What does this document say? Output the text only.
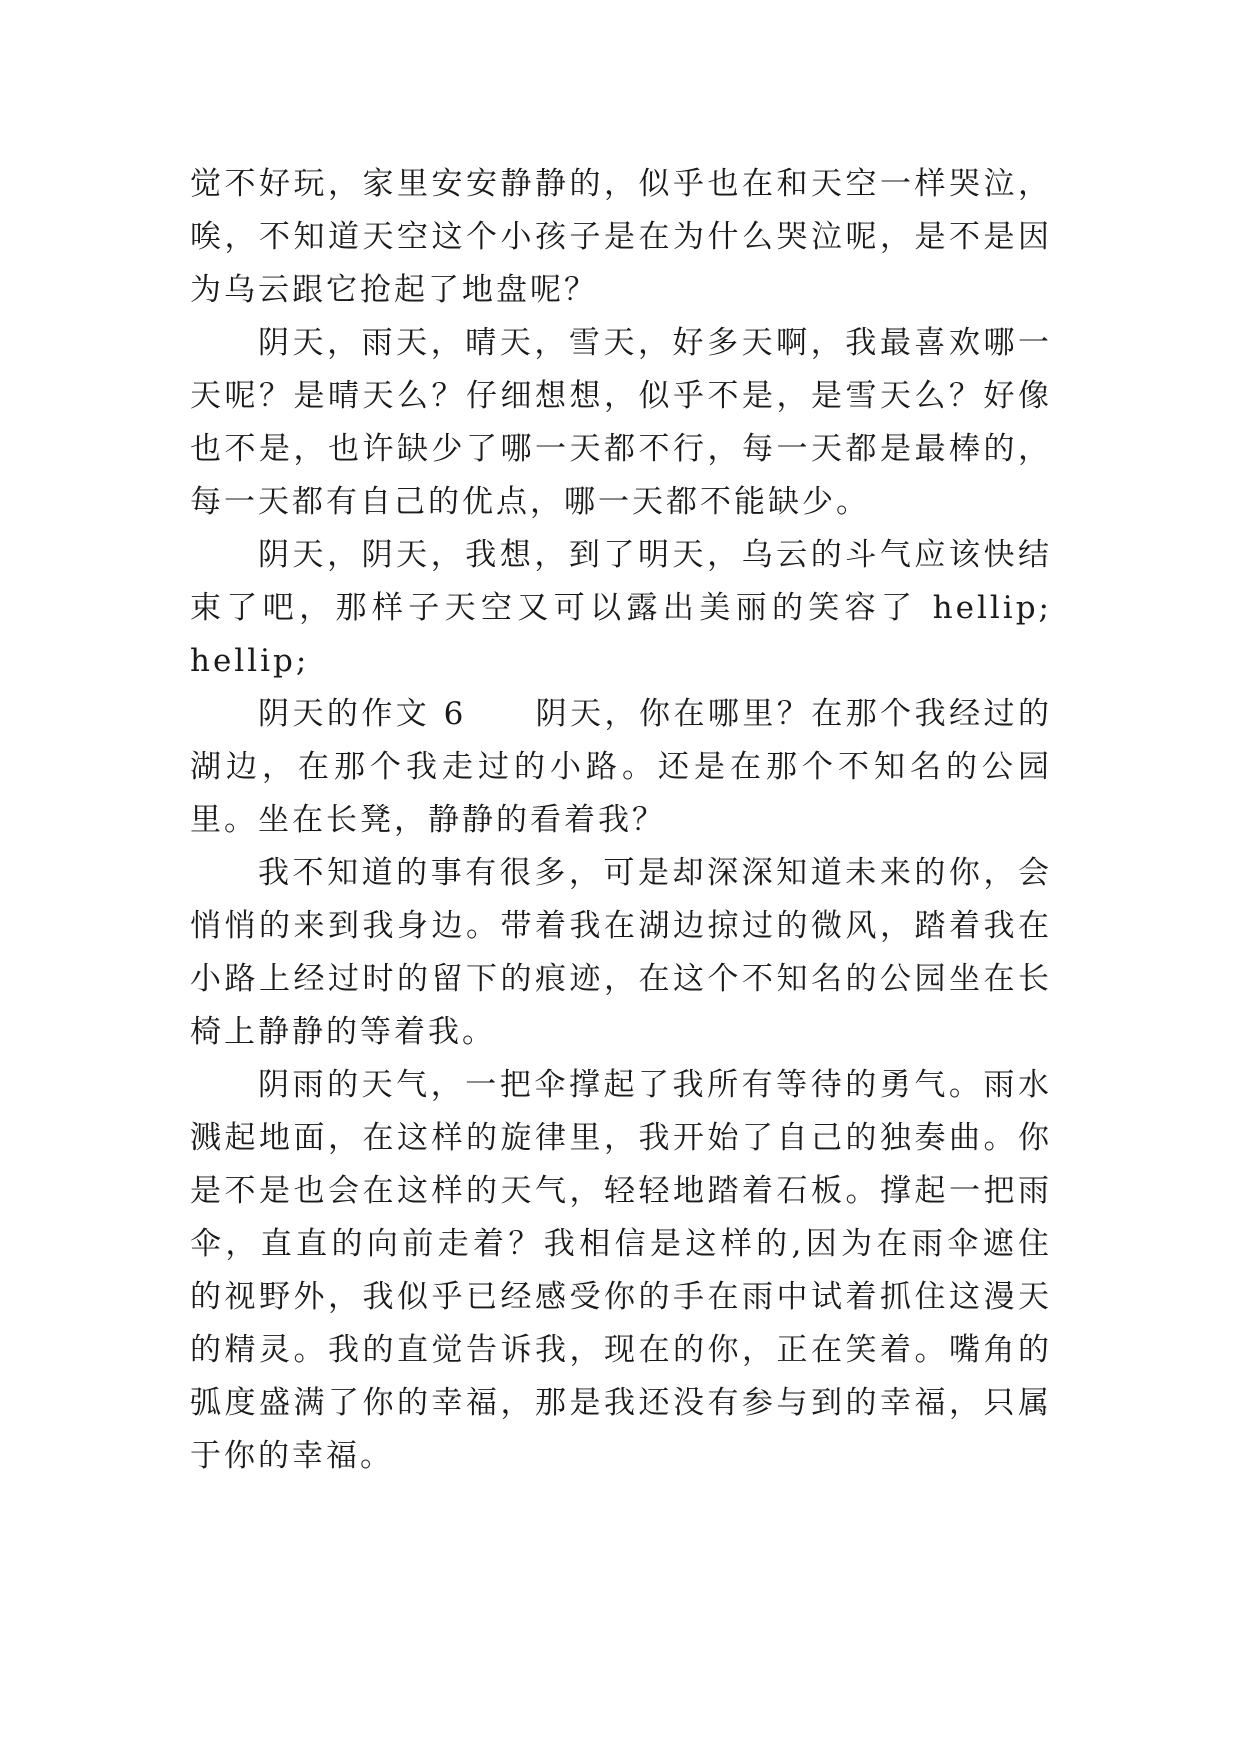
觉不好玩，家里安安静静的，似乎也在和天空一样哭泣，唉，不知道天空这个小孩子是在为什么哭泣呢，是不是因为乌云跟它抢起了地盘呢？

阴天，雨天，晴天，雪天，好多天啊，我最喜欢哪一天呢？是晴天么？仔细想想，似乎不是，是雪天么？好像也不是，也许缺少了哪一天都不行，每一天都是最棒的，每一天都有自己的优点，哪一天都不能缺少。

阴天，阴天，我想，到了明天，乌云的斗气应该快结束了吧，那样子天空又可以露出美丽的笑容了 hellip; hellip;

阴天的作文 6　　阴天，你在哪里？在那个我经过的湖边，在那个我走过的小路。还是在那个不知名的公园里。坐在长凳，静静的看着我？

我不知道的事有很多，可是却深深知道未来的你，会悄悄的来到我身边。带着我在湖边掠过的微风，踏着我在小路上经过时的留下的痕迹，在这个不知名的公园坐在长椅上静静的等着我。

阴雨的天气，一把伞撑起了我所有等待的勇气。雨水溅起地面，在这样的旋律里，我开始了自己的独奏曲。你是不是也会在这样的天气，轻轻地踏着石板。撑起一把雨伞，直直的向前走着？我相信是这样的,因为在雨伞遮住的视野外，我似乎已经感受你的手在雨中试着抓住这漫天的精灵。我的直觉告诉我，现在的你，正在笑着。嘴角的弧度盛满了你的幸福，那是我还没有参与到的幸福，只属于你的幸福。
